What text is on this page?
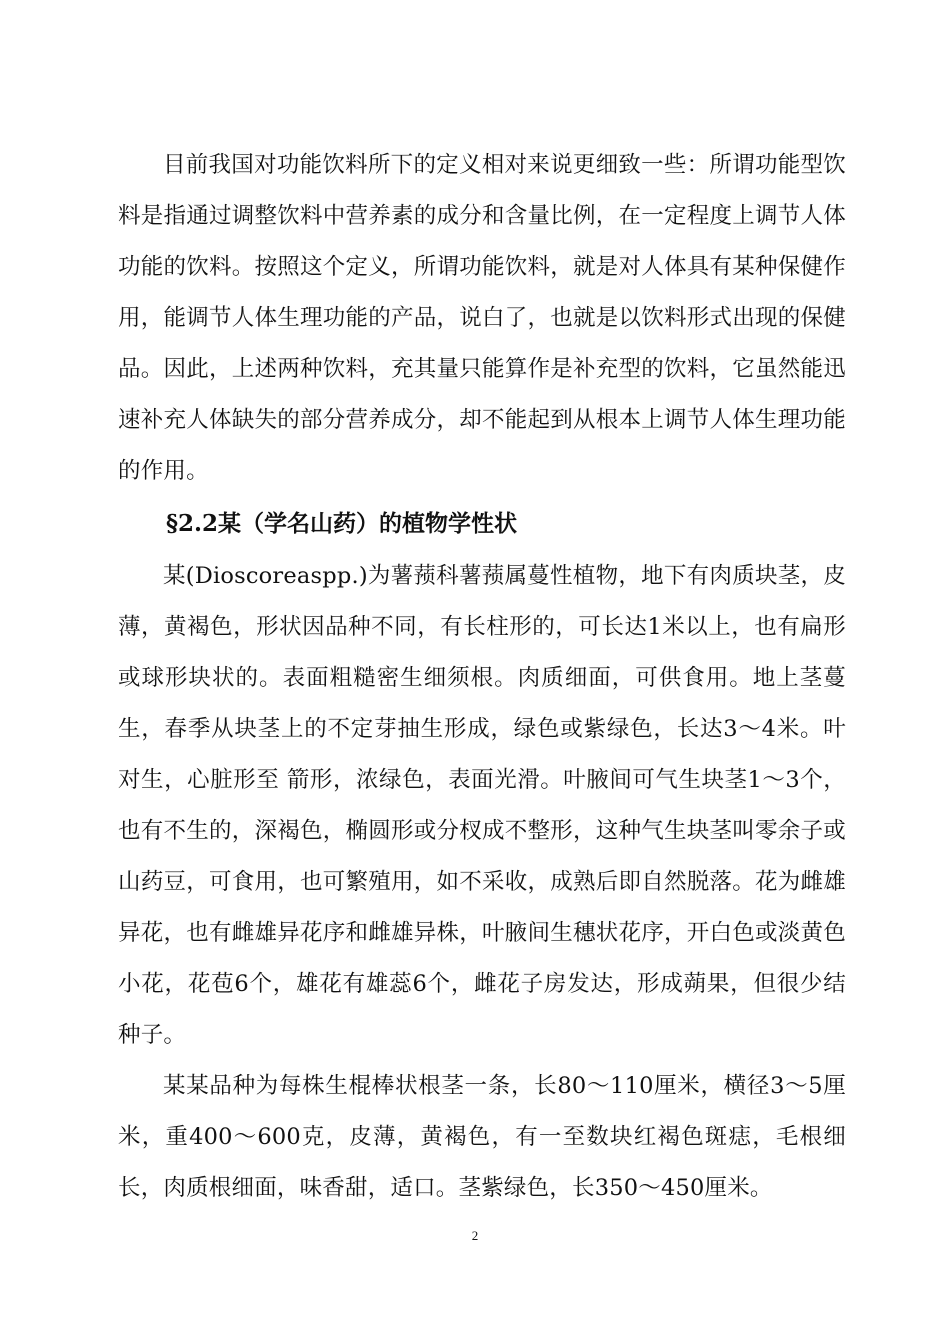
目前我国对功能饮料所下的定义相对来说更细致一些：所谓功能型饮料是指通过调整饮料中营养素的成分和含量比例，在一定程度上调节人体功能的饮料。按照这个定义，所谓功能饮料，就是对人体具有某种保健作用，能调节人体生理功能的产品，说白了，也就是以饮料形式出现的保健品。因此，上述两种饮料，充其量只能算作是补充型的饮料，它虽然能迅速补充人体缺失的部分营养成分，却不能起到从根本上调节人体生理功能的作用。

§2.2某（学名山药）的植物学性状

某(Dioscoreaspp.)为薯蓣科薯蓣属蔓性植物，地下有肉质块茎，皮薄，黄褐色，形状因品种不同，有长柱形的，可长达1米以上，也有扁形或球形块状的。表面粗糙密生细须根。肉质细面，可供食用。地上茎蔓生，春季从块茎上的不定芽抽生形成，绿色或紫绿色，长达3～4米。叶对生，心脏形至 箭形，浓绿色，表面光滑。叶腋间可气生块茎1～3个，也有不生的，深褐色，椭圆形或分杈成不整形，这种气生块茎叫零余子或山药豆，可食用，也可繁殖用，如不采收，成熟后即自然脱落。花为雌雄异花，也有雌雄异花序和雌雄异株，叶腋间生穗状花序，开白色或淡黄色小花，花苞6个，雄花有雄蕊6个，雌花子房发达，形成蒴果，但很少结种子。

某某品种为每株生棍棒状根茎一条，长80～110厘米，横径3～5厘米，重400～600克，皮薄，黄褐色，有一至数块红褐色斑痣，毛根细长，肉质根细面，味香甜，适口。茎紫绿色，长350～450厘米。

2
